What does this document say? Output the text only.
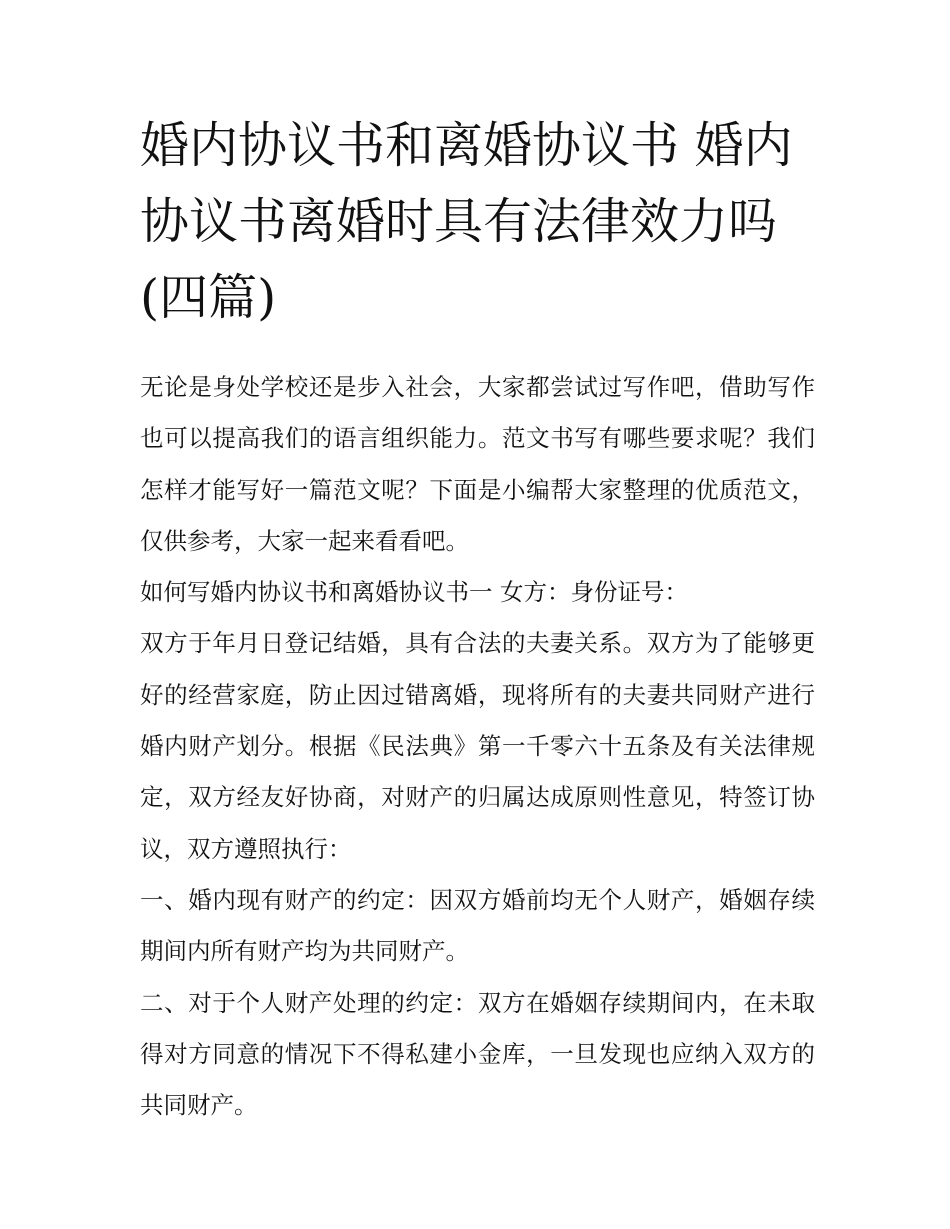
婚内协议书和离婚协议书 婚内
协议书离婚时具有法律效力吗
(四篇)

无论是身处学校还是步入社会，大家都尝试过写作吧，借助写作也可以提高我们的语言组织能力。范文书写有哪些要求呢？我们怎样才能写好一篇范文呢？下面是小编帮大家整理的优质范文，仅供参考，大家一起来看看吧。

如何写婚内协议书和离婚协议书一 女方：身份证号：

双方于年月日登记结婚，具有合法的夫妻关系。双方为了能够更好的经营家庭，防止因过错离婚，现将所有的夫妻共同财产进行婚内财产划分。根据《民法典》第一千零六十五条及有关法律规定，双方经友好协商，对财产的归属达成原则性意见，特签订协议，双方遵照执行：

一、婚内现有财产的约定：因双方婚前均无个人财产，婚姻存续期间内所有财产均为共同财产。

二、对于个人财产处理的约定：双方在婚姻存续期间内，在未取得对方同意的情况下不得私建小金库，一旦发现也应纳入双方的共同财产。
